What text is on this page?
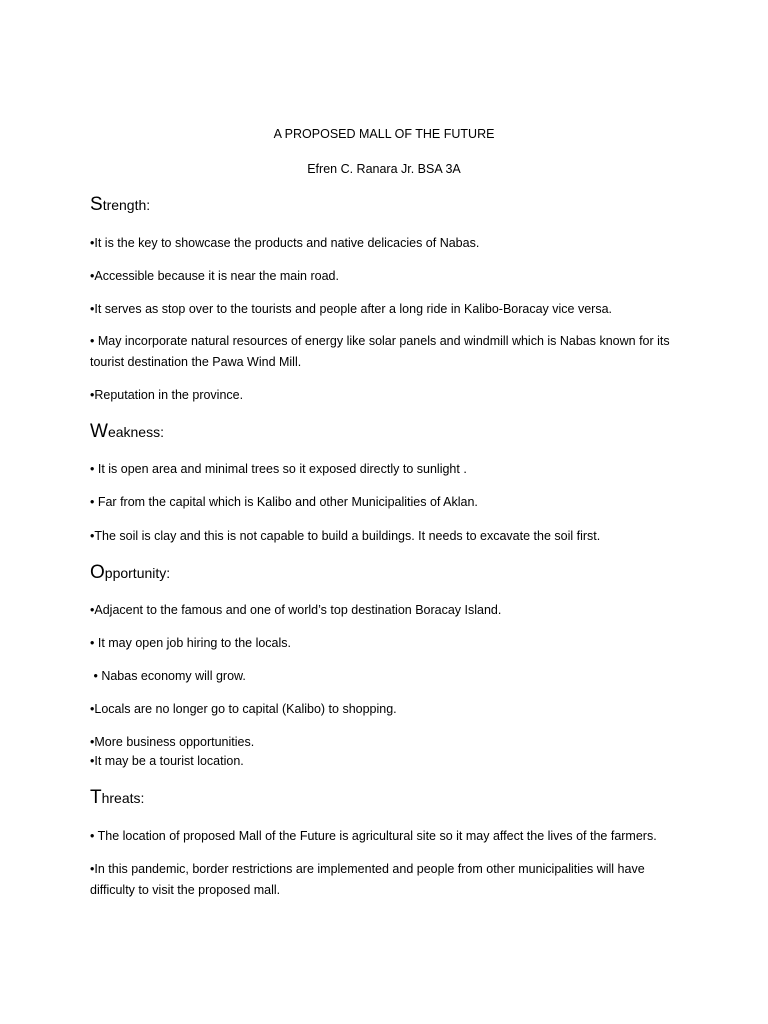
A PROPOSED MALL OF THE FUTURE
Efren C. Ranara Jr. BSA 3A
Strength:
•It is the key to showcase the products and native delicacies of Nabas.
•Accessible because it is near the main road.
•It serves as stop over to the tourists and people after a long ride in Kalibo-Boracay vice versa.
• May incorporate natural resources of energy like solar panels and windmill which is Nabas known for its tourist destination the Pawa Wind Mill.
•Reputation in the province.
Weakness:
• It is open area and minimal trees so it exposed directly to sunlight .
• Far from the capital which is Kalibo and other Municipalities of Aklan.
•The soil is clay and this is not capable to build a buildings. It needs to excavate the soil first.
Opportunity:
•Adjacent to the famous and one of world’s top destination Boracay Island.
• It may open job hiring to the locals.
• Nabas economy will grow.
•Locals are no longer go to capital (Kalibo) to shopping.
•More business opportunities.
•It may be a tourist location.
Threats:
• The location of proposed Mall of the Future is agricultural site so it may affect the lives of the farmers.
•In this pandemic, border restrictions are implemented and people from other municipalities will have difficulty to visit the proposed mall.
